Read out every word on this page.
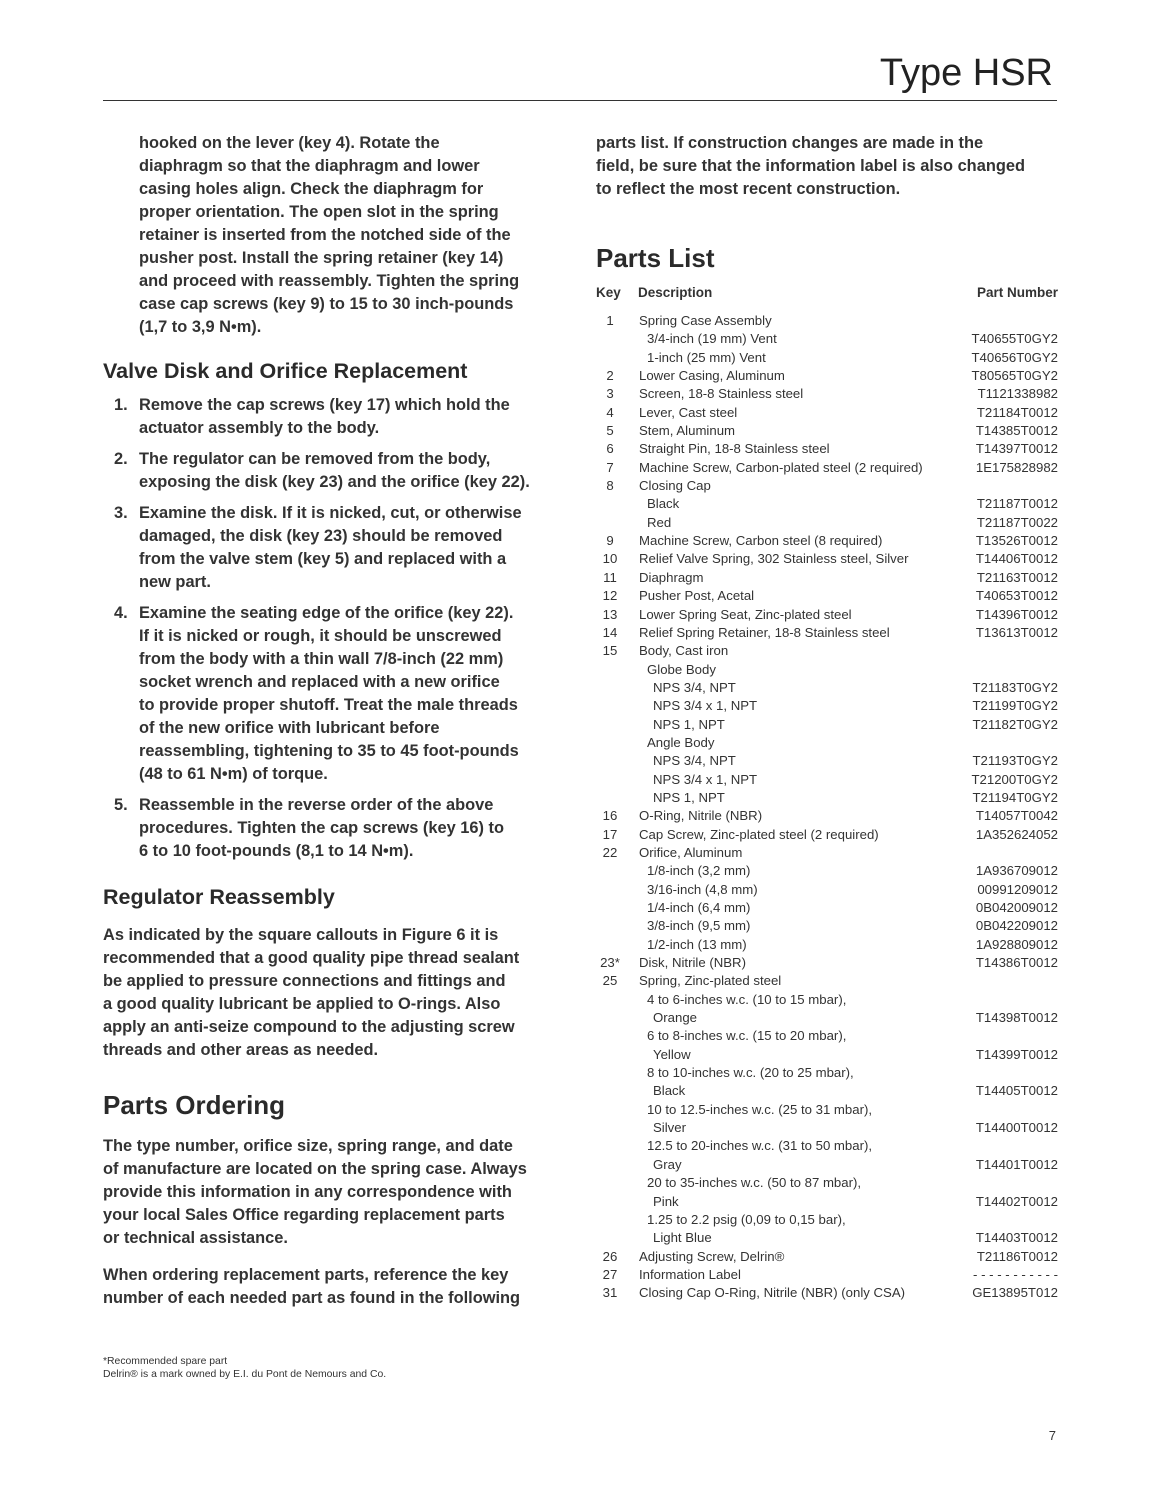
Type HSR
hooked on the lever (key 4). Rotate the
diaphragm so that the diaphragm and lower
casing holes align. Check the diaphragm for
proper orientation. The open slot in the spring
retainer is inserted from the notched side of the
pusher post. Install the spring retainer (key 14)
and proceed with reassembly. Tighten the spring
case cap screws (key 9) to 15 to 30 inch-pounds
(1,7 to 3,9 N•m).
Valve Disk and Orifice Replacement
1. Remove the cap screws (key 17) which hold the
actuator assembly to the body.
2. The regulator can be removed from the body,
exposing the disk (key 23) and the orifice (key 22).
3. Examine the disk. If it is nicked, cut, or otherwise
damaged, the disk (key 23) should be removed
from the valve stem (key 5) and replaced with a
new part.
4. Examine the seating edge of the orifice (key 22).
If it is nicked or rough, it should be unscrewed
from the body with a thin wall 7/8-inch (22 mm)
socket wrench and replaced with a new orifice
to provide proper shutoff. Treat the male threads
of the new orifice with lubricant before
reassembling, tightening to 35 to 45 foot-pounds
(48 to 61 N•m) of torque.
5. Reassemble in the reverse order of the above
procedures. Tighten the cap screws (key 16) to
6 to 10 foot-pounds (8,1 to 14 N•m).
Regulator Reassembly
As indicated by the square callouts in Figure 6 it is
recommended that a good quality pipe thread sealant
be applied to pressure connections and fittings and
a good quality lubricant be applied to O-rings. Also
apply an anti-seize compound to the adjusting screw
threads and other areas as needed.
Parts Ordering
The type number, orifice size, spring range, and date
of manufacture are located on the spring case. Always
provide this information in any correspondence with
your local Sales Office regarding replacement parts
or technical assistance.
When ordering replacement parts, reference the key
number of each needed part as found in the following
parts list. If construction changes are made in the
field, be sure that the information label is also changed
to reflect the most recent construction.
Parts List
Key	Description	Part Number
1	Spring Case Assembly
3/4-inch (19 mm) Vent	T40655T0GY2
1-inch (25 mm) Vent	T40656T0GY2
2	Lower Casing, Aluminum	T80565T0GY2
3	Screen, 18-8 Stainless steel	T1121338982
4	Lever, Cast steel	T21184T0012
5	Stem, Aluminum	T14385T0012
6	Straight Pin, 18-8 Stainless steel	T14397T0012
7	Machine Screw, Carbon-plated steel (2 required)	1E175828982
8	Closing Cap
Black	T21187T0012
Red	T21187T0022
9	Machine Screw, Carbon steel (8 required)	T13526T0012
10	Relief Valve Spring, 302 Stainless steel, Silver	T14406T0012
11	Diaphragm	T21163T0012
12	Pusher Post, Acetal	T40653T0012
13	Lower Spring Seat, Zinc-plated steel	T14396T0012
14	Relief Spring Retainer, 18-8 Stainless steel	T13613T0012
15	Body, Cast iron
Globe Body
NPS 3/4, NPT	T21183T0GY2
NPS 3/4 x 1, NPT	T21199T0GY2
NPS 1, NPT	T21182T0GY2
Angle Body
NPS 3/4, NPT	T21193T0GY2
NPS 3/4 x 1, NPT	T21200T0GY2
NPS 1, NPT	T21194T0GY2
16	O-Ring, Nitrile (NBR)	T14057T0042
17	Cap Screw, Zinc-plated steel (2 required)	1A352624052
22	Orifice, Aluminum
1/8-inch (3,2 mm)	1A936709012
3/16-inch (4,8 mm)	00991209012
1/4-inch (6,4 mm)	0B042009012
3/8-inch (9,5 mm)	0B042209012
1/2-inch (13 mm)	1A928809012
23*	Disk, Nitrile (NBR)	T14386T0012
25	Spring, Zinc-plated steel
4 to 6-inches w.c. (10 to 15 mbar),
Orange	T14398T0012
6 to 8-inches w.c. (15 to 20 mbar),
Yellow	T14399T0012
8 to 10-inches w.c. (20 to 25 mbar),
Black	T14405T0012
10 to 12.5-inches w.c. (25 to 31 mbar),
Silver	T14400T0012
12.5 to 20-inches w.c. (31 to 50 mbar),
Gray	T14401T0012
20 to 35-inches w.c. (50 to 87 mbar),
Pink	T14402T0012
1.25 to 2.2 psig (0,09 to 0,15 bar),
Light Blue	T14403T0012
26	Adjusting Screw, Delrin®	T21186T0012
27	Information Label	- - - - - - - - - - -
31	Closing Cap O-Ring, Nitrile (NBR) (only CSA)	GE13895T012
*Recommended spare part
Delrin® is a mark owned by E.I. du Pont de Nemours and Co.
7
